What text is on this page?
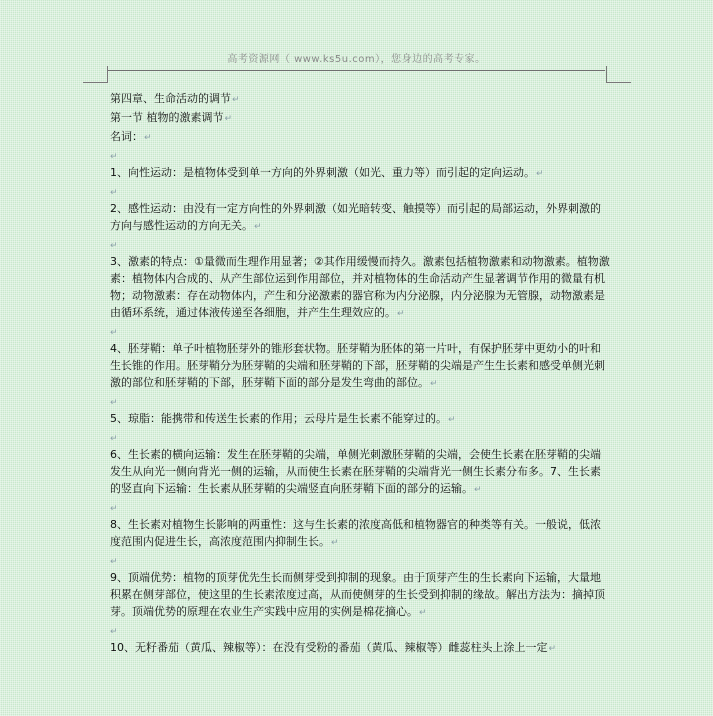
高考资源网（ www.ks5u.com），您身边的高考专家。
第四章、生命活动的调节↵
第一节 植物的激素调节↵
名词：↵
↵
1、向性运动：是植物体受到单一方向的外界刺激（如光、重力等）而引起的定向运动。↵
↵
2、感性运动：由没有一定方向性的外界刺激（如光暗转变、触摸等）而引起的局部运动，外界刺激的方向与感性运动的方向无关。↵
↵
3、激素的特点：①量微而生理作用显著；②其作用缓慢而持久。激素包括植物激素和动物激素。植物激素：植物体内合成的、从产生部位运到作用部位，并对植物体的生命活动产生显著调节作用的微量有机物；动物激素：存在动物体内，产生和分泌激素的器官称为内分泌腺，内分泌腺为无管腺，动物激素是由循环系统，通过体液传递至各细胞，并产生生理效应的。↵
↵
4、胚芽鞘：单子叶植物胚芽外的锥形套状物。胚芽鞘为胚体的第一片叶，有保护胚芽中更幼小的叶和生长锥的作用。胚芽鞘分为胚芽鞘的尖端和胚芽鞘的下部，胚芽鞘的尖端是产生生长素和感受单侧光刺激的部位和胚芽鞘的下部，胚芽鞘下面的部分是发生弯曲的部位。↵
↵
5、琼脂：能携带和传送生长素的作用；云母片是生长素不能穿过的。↵
↵
6、生长素的横向运输：发生在胚芽鞘的尖端，单侧光刺激胚芽鞘的尖端，会使生长素在胚芽鞘的尖端发生从向光一侧向背光一侧的运输，从而使生长素在胚芽鞘的尖端背光一侧生长素分布多。7、生长素的竖直向下运输：生长素从胚芽鞘的尖端竖直向胚芽鞘下面的部分的运输。↵
↵
8、生长素对植物生长影响的两重性：这与生长素的浓度高低和植物器官的种类等有关。一般说，低浓度范围内促进生长，高浓度范围内抑制生长。↵
↵
9、顶端优势：植物的顶芽优先生长而侧芽受到抑制的现象。由于顶芽产生的生长素向下运输，大量地积累在侧芽部位，使这里的生长素浓度过高，从而使侧芽的生长受到抑制的缘故。解出方法为：摘掉顶芽。顶端优势的原理在农业生产实践中应用的实例是棉花摘心。↵
↵
10、无籽番茄（黄瓜、辣椒等）：在没有受粉的番茄（黄瓜、辣椒等）雌蕊柱头上涂上一定↵
